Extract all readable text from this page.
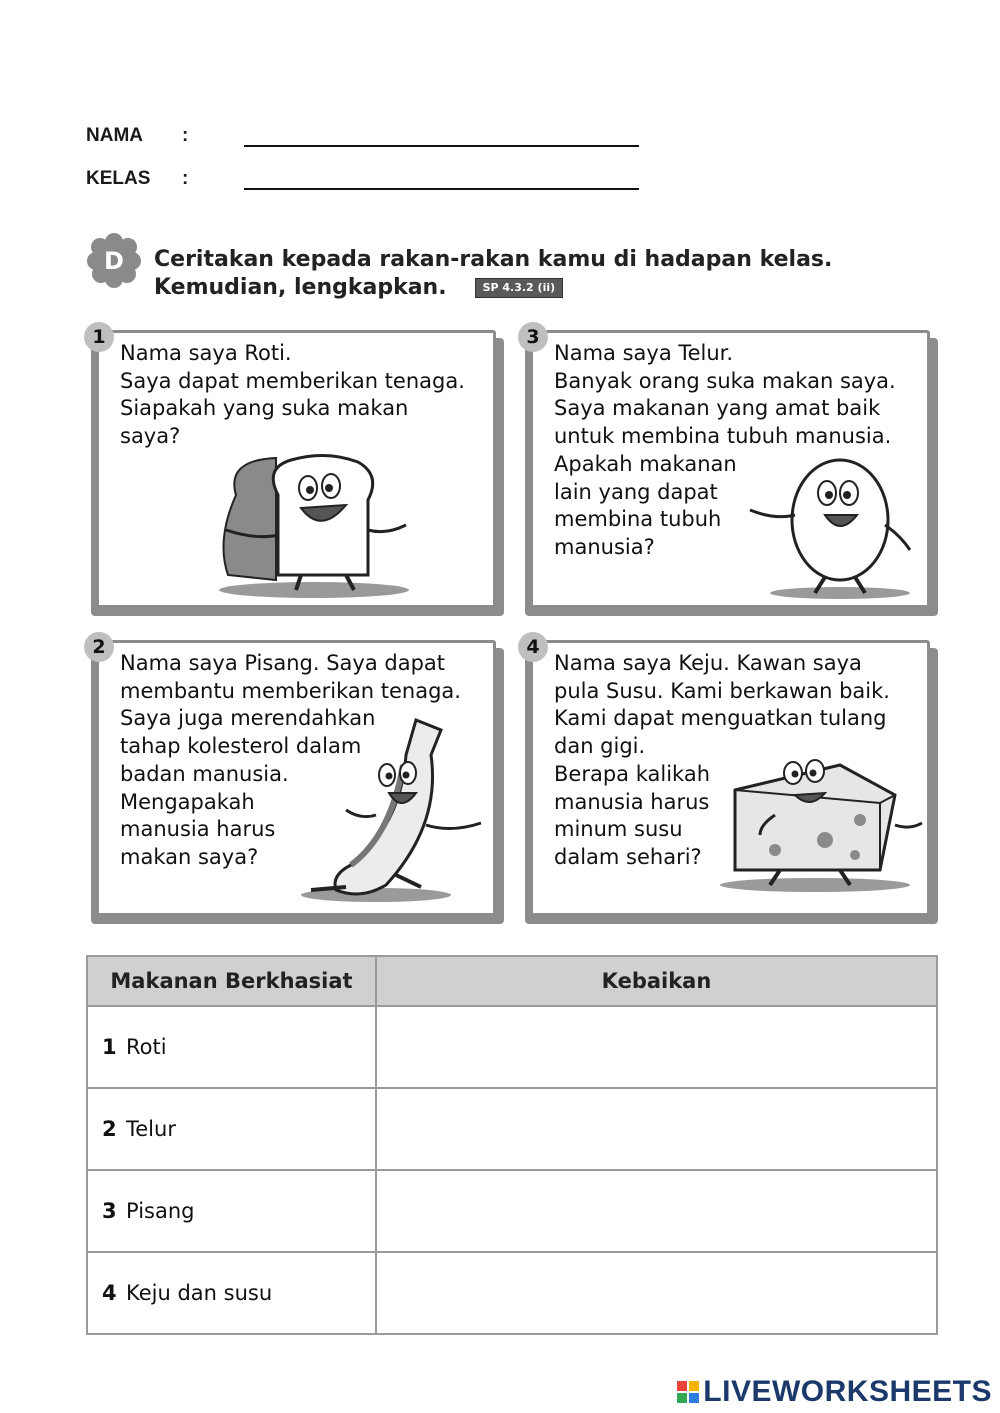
NAMA :
KELAS :
D Ceritakan kepada rakan-rakan kamu di hadapan kelas.
Kemudian, lengkapkan.	SP 4.3.2 (ii)
1
Nama saya Roti.
Saya dapat memberikan tenaga.
Siapakah yang suka makan
saya?
3
Nama saya Telur.
Banyak orang suka makan saya.
Saya makanan yang amat baik
untuk membina tubuh manusia.
Apakah makanan
lain yang dapat
membina tubuh
manusia?
2
Nama saya Pisang. Saya dapat
membantu memberikan tenaga.
Saya juga merendahkan
tahap kolesterol dalam
badan manusia.
Mengapakah
manusia harus
makan saya?
4
Nama saya Keju. Kawan saya
pula Susu. Kami berkawan baik.
Kami dapat menguatkan tulang
dan gigi.
Berapa kalikah
manusia harus
minum susu
dalam sehari?
Makanan Berkhasiat	Kebaikan
1 Roti	
2 Telur	
3 Pisang	
4 Keju dan susu	
LIVEWORKSHEETS
